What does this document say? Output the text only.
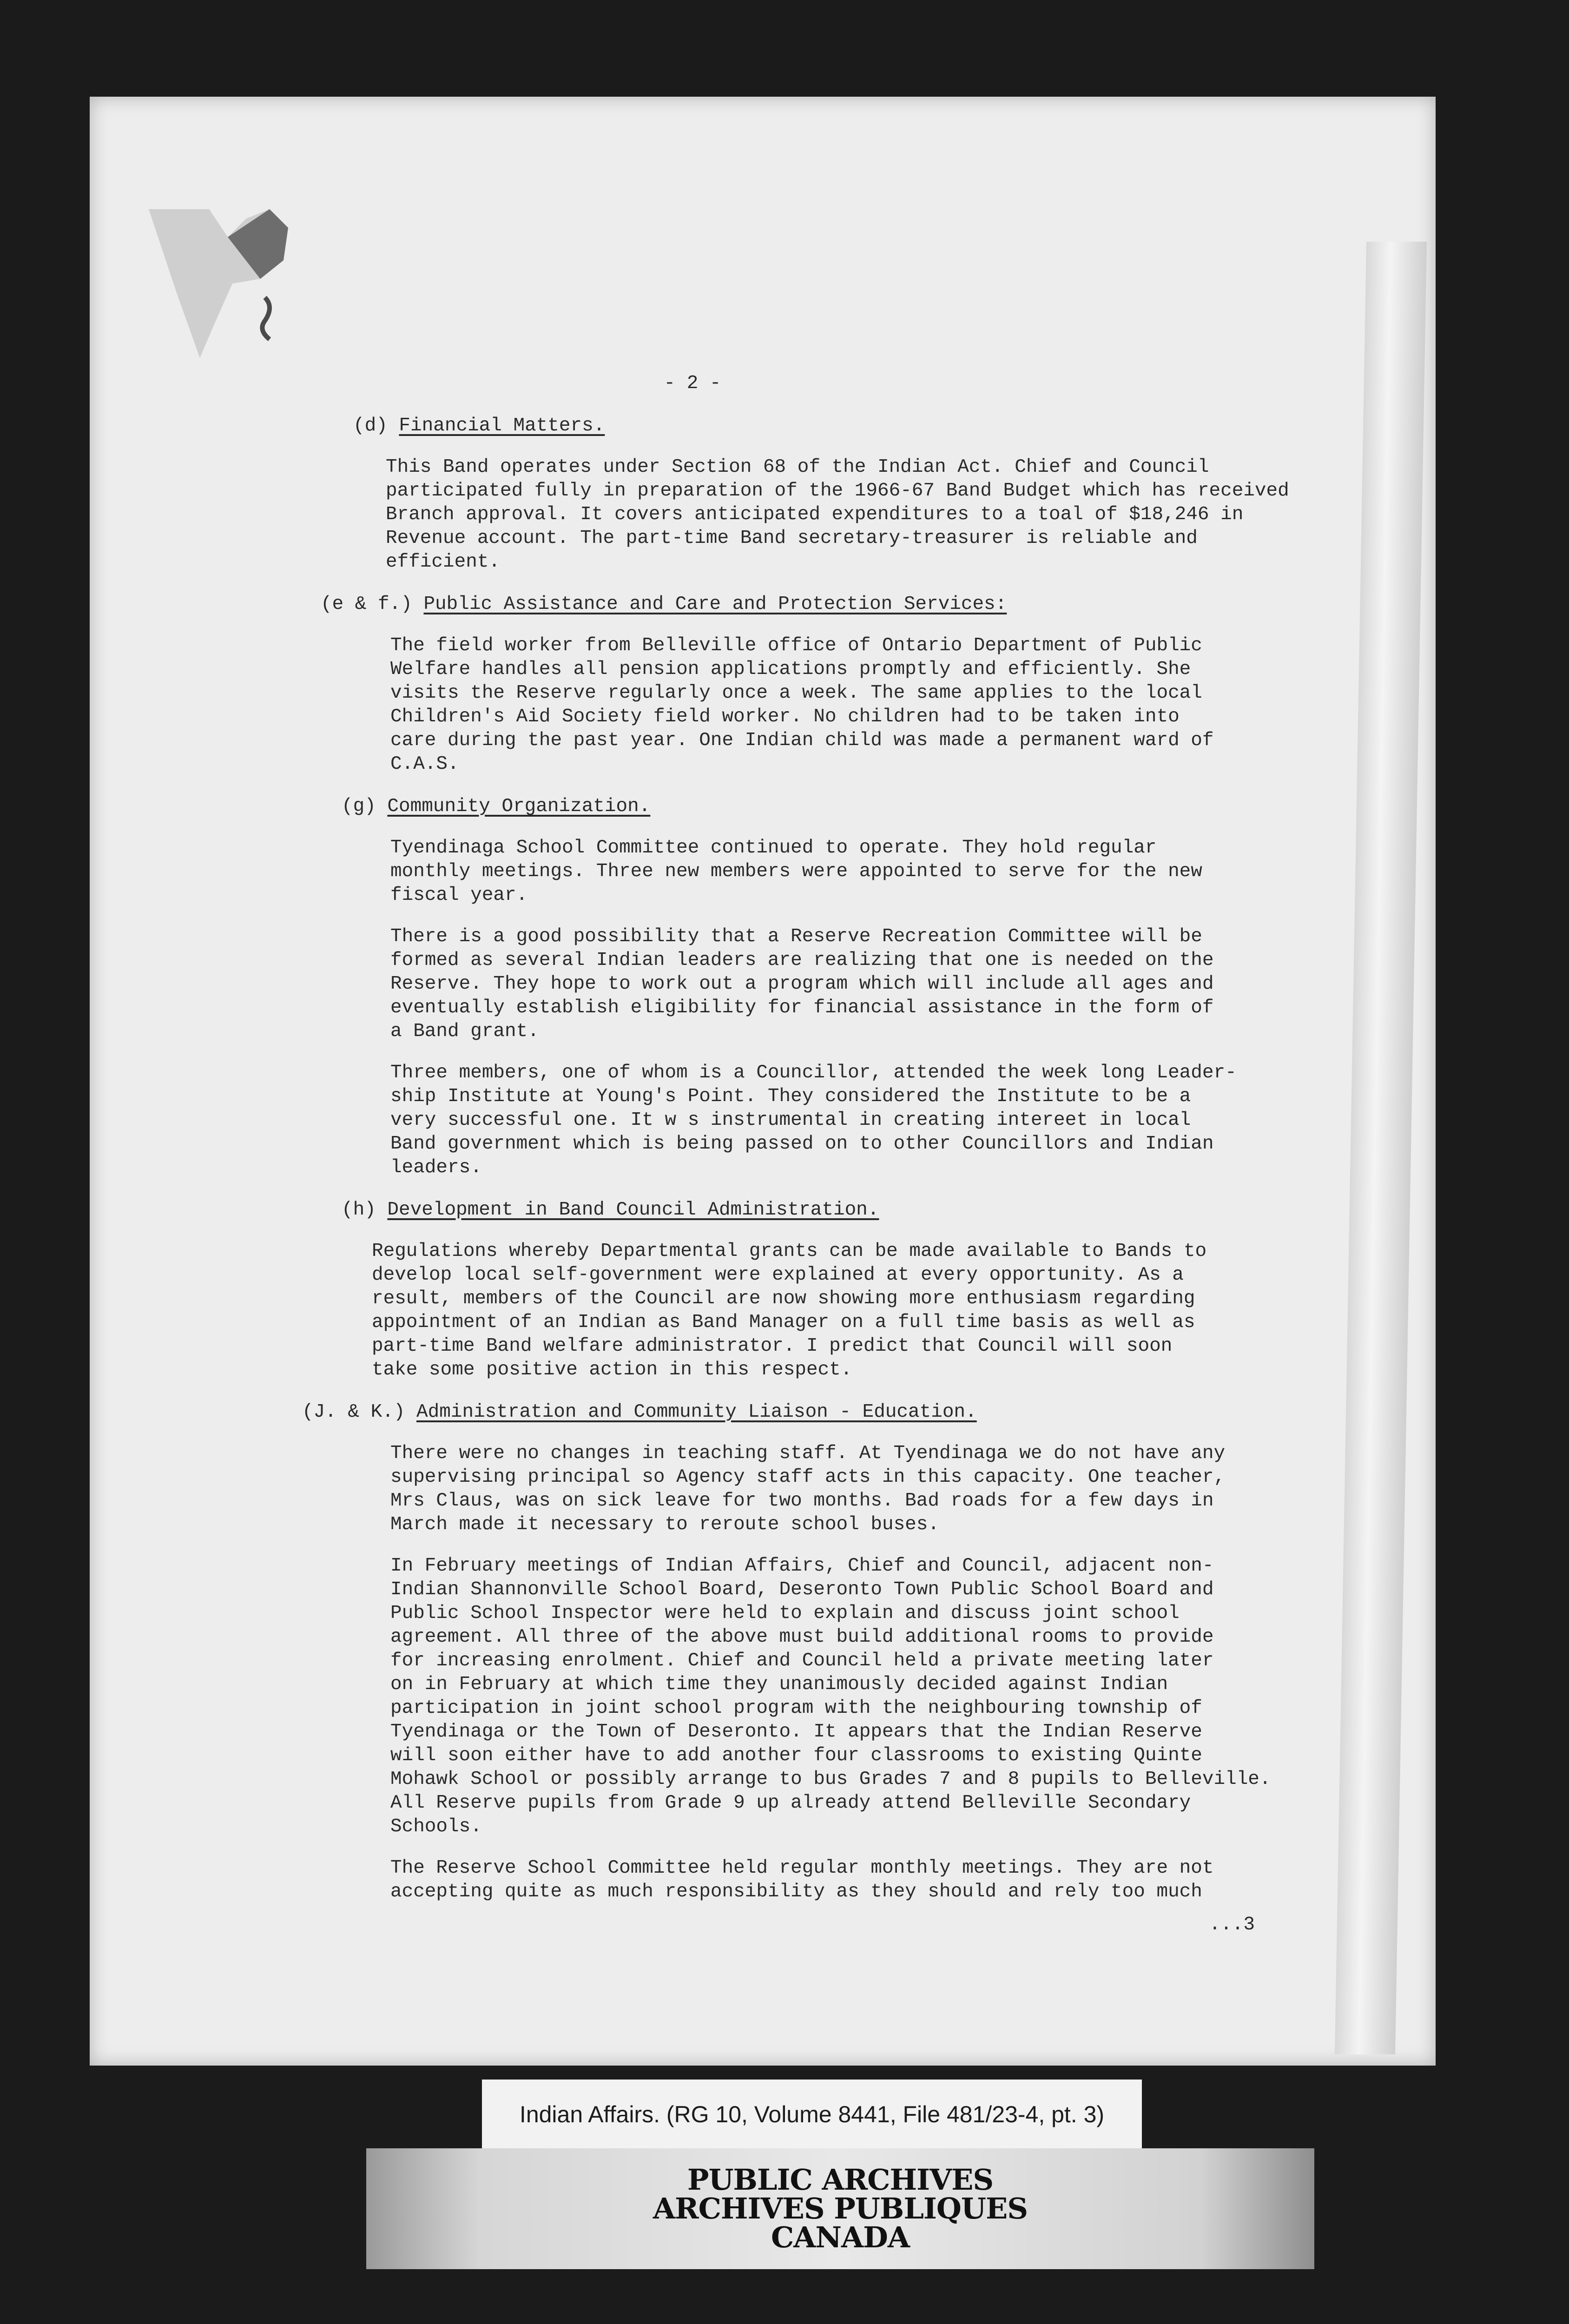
- 2 -
(d) Financial Matters.

This Band operates under Section 68 of the Indian Act. Chief and Council
participated fully in preparation of the 1966-67 Band Budget which has received
Branch approval. It covers anticipated expenditures to a toal of $18,246 in
Revenue account. The part-time Band secretary-treasurer is reliable and
efficient.

(e & f.) Public Assistance and Care and Protection Services:

The field worker from Belleville office of Ontario Department of Public
Welfare handles all pension applications promptly and efficiently. She
visits the Reserve regularly once a week. The same applies to the local
Children's Aid Society field worker. No children had to be taken into
care during the past year. One Indian child was made a permanent ward of
C.A.S.

(g) Community Organization.

Tyendinaga School Committee continued to operate. They hold regular
monthly meetings. Three new members were appointed to serve for the new
fiscal year.

There is a good possibility that a Reserve Recreation Committee will be
formed as several Indian leaders are realizing that one is needed on the
Reserve. They hope to work out a program which will include all ages and
eventually establish eligibility for financial assistance in the form of
a Band grant.

Three members, one of whom is a Councillor, attended the week long Leader-
ship Institute at Young's Point. They considered the Institute to be a
very successful one. It w s instrumental in creating intereet in local
Band government which is being passed on to other Councillors and Indian
leaders.

(h) Development in Band Council Administration.

Regulations whereby Departmental grants can be made available to Bands to
develop local self-government were explained at every opportunity. As a
result, members of the Council are now showing more enthusiasm regarding
appointment of an Indian as Band Manager on a full time basis as well as
part-time Band welfare administrator. I predict that Council will soon
take some positive action in this respect.

(J. & K.) Administration and Community Liaison - Education.

There were no changes in teaching staff. At Tyendinaga we do not have any
supervising principal so Agency staff acts in this capacity. One teacher,
Mrs Claus, was on sick leave for two months. Bad roads for a few days in
March made it necessary to reroute school buses.

In February meetings of Indian Affairs, Chief and Council, adjacent non-
Indian Shannonville School Board, Deseronto Town Public School Board and
Public School Inspector were held to explain and discuss joint school
agreement. All three of the above must build additional rooms to provide
for increasing enrolment. Chief and Council held a private meeting later
on in February at which time they unanimously decided against Indian
participation in joint school program with the neighbouring township of
Tyendinaga or the Town of Deseronto. It appears that the Indian Reserve
will soon either have to add another four classrooms to existing Quinte
Mohawk School or possibly arrange to bus Grades 7 and 8 pupils to Belleville.
All Reserve pupils from Grade 9 up already attend Belleville Secondary
Schools.

The Reserve School Committee held regular monthly meetings. They are not
accepting quite as much responsibility as they should and rely too much

...3
Indian Affairs. (RG 10, Volume 8441, File 481/23-4, pt. 3)
PUBLIC ARCHIVES
ARCHIVES PUBLIQUES
CANADA
